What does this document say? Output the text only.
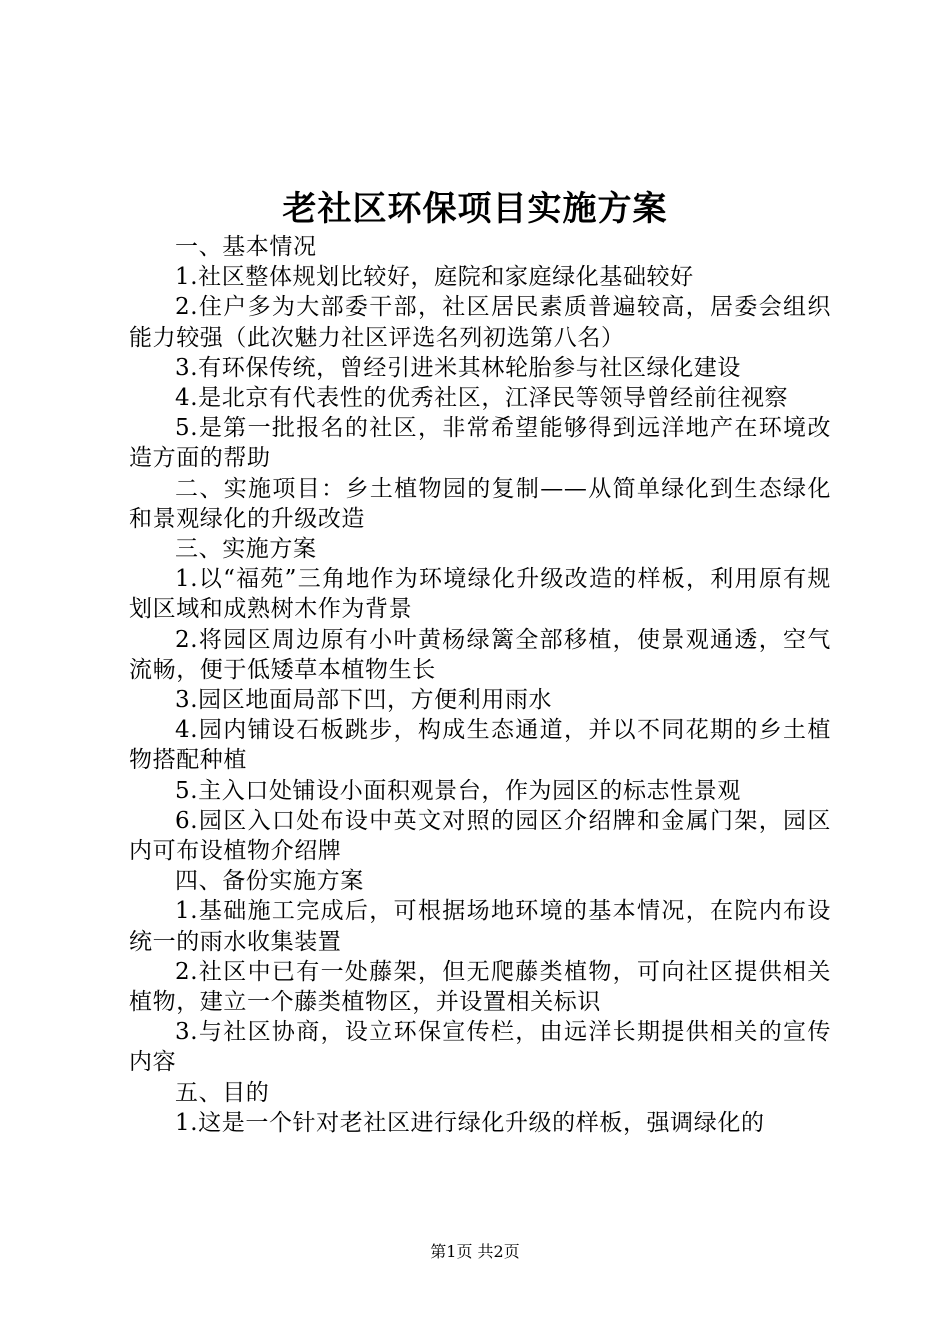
老社区环保项目实施方案

一、基本情况

1.社区整体规划比较好，庭院和家庭绿化基础较好

2.住户多为大部委干部，社区居民素质普遍较高，居委会组织能力较强（此次魅力社区评选名列初选第八名）

3.有环保传统，曾经引进米其林轮胎参与社区绿化建设

4.是北京有代表性的优秀社区，江泽民等领导曾经前往视察

5.是第一批报名的社区，非常希望能够得到远洋地产在环境改造方面的帮助

二、实施项目：乡土植物园的复制——从简单绿化到生态绿化和景观绿化的升级改造

三、实施方案

1.以“福苑”三角地作为环境绿化升级改造的样板，利用原有规划区域和成熟树木作为背景

2.将园区周边原有小叶黄杨绿篱全部移植，使景观通透，空气流畅，便于低矮草本植物生长

3.园区地面局部下凹，方便利用雨水

4.园内铺设石板跳步，构成生态通道，并以不同花期的乡土植物搭配种植

5.主入口处铺设小面积观景台，作为园区的标志性景观

6.园区入口处布设中英文对照的园区介绍牌和金属门架，园区内可布设植物介绍牌

四、备份实施方案

1.基础施工完成后，可根据场地环境的基本情况，在院内布设统一的雨水收集装置

2.社区中已有一处藤架，但无爬藤类植物，可向社区提供相关植物，建立一个藤类植物区，并设置相关标识

3.与社区协商，设立环保宣传栏，由远洋长期提供相关的宣传内容

五、目的

1.这是一个针对老社区进行绿化升级的样板，强调绿化的

第1页 共2页
